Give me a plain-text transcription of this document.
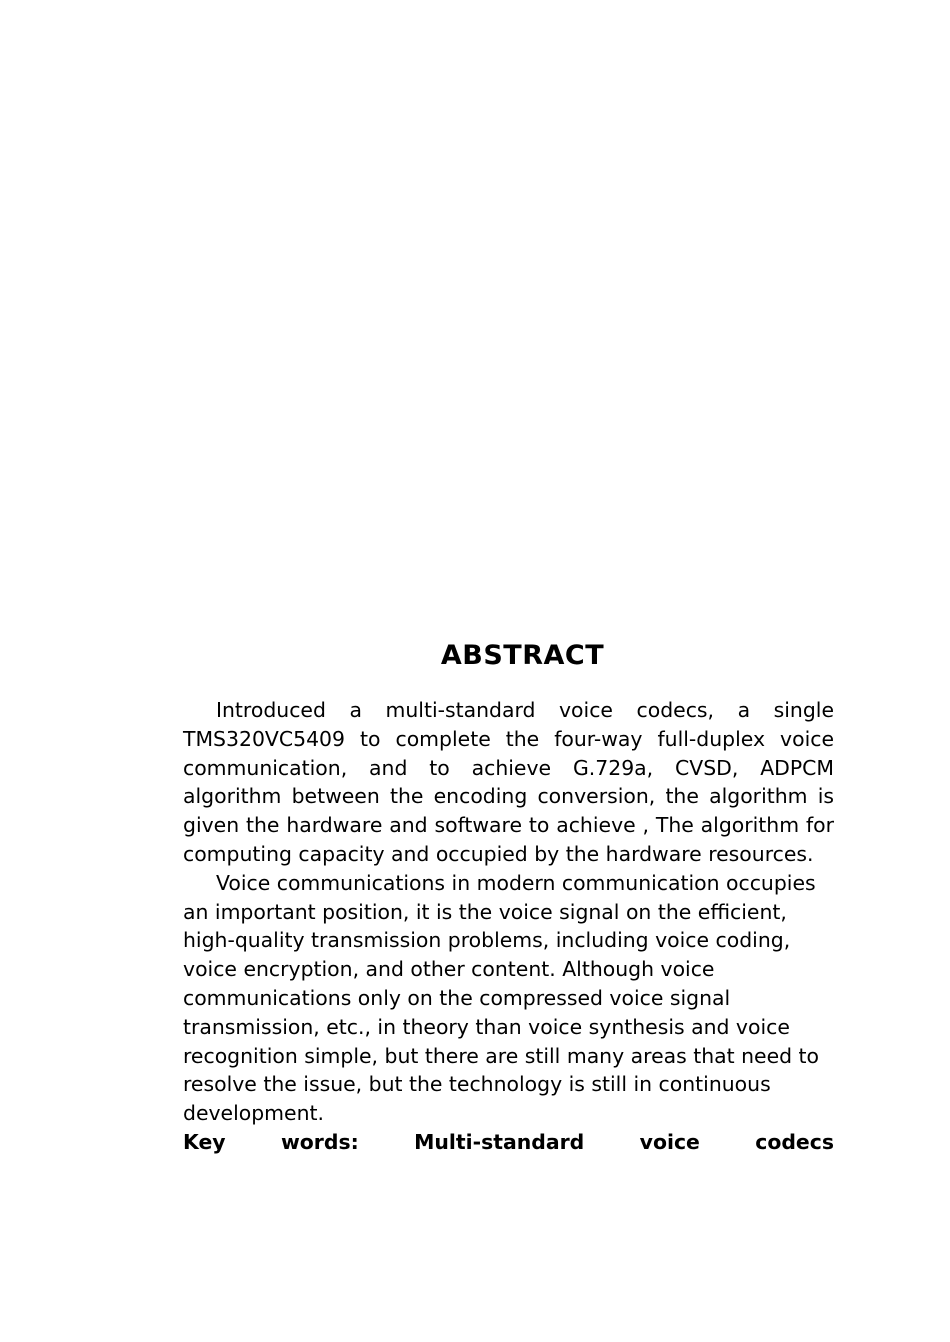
ABSTRACT

Introduced a multi-standard voice codecs, a single TMS320VC5409 to complete the four-way full-duplex voice communication, and to achieve G.729a, CVSD, ADPCM algorithm between the encoding conversion, the algorithm is given the hardware and software to achieve , The algorithm for computing capacity and occupied by the hardware resources.

Voice communications in modern communication occupies an important position, it is the voice signal on the efficient, high-quality transmission problems, including voice coding, voice encryption, and other content. Although voice communications only on the compressed voice signal transmission, etc., in theory than voice synthesis and voice recognition simple, but there are still many areas that need to resolve the issue, but the technology is still in continuous development.

Key words: Multi-standard voice codecs
